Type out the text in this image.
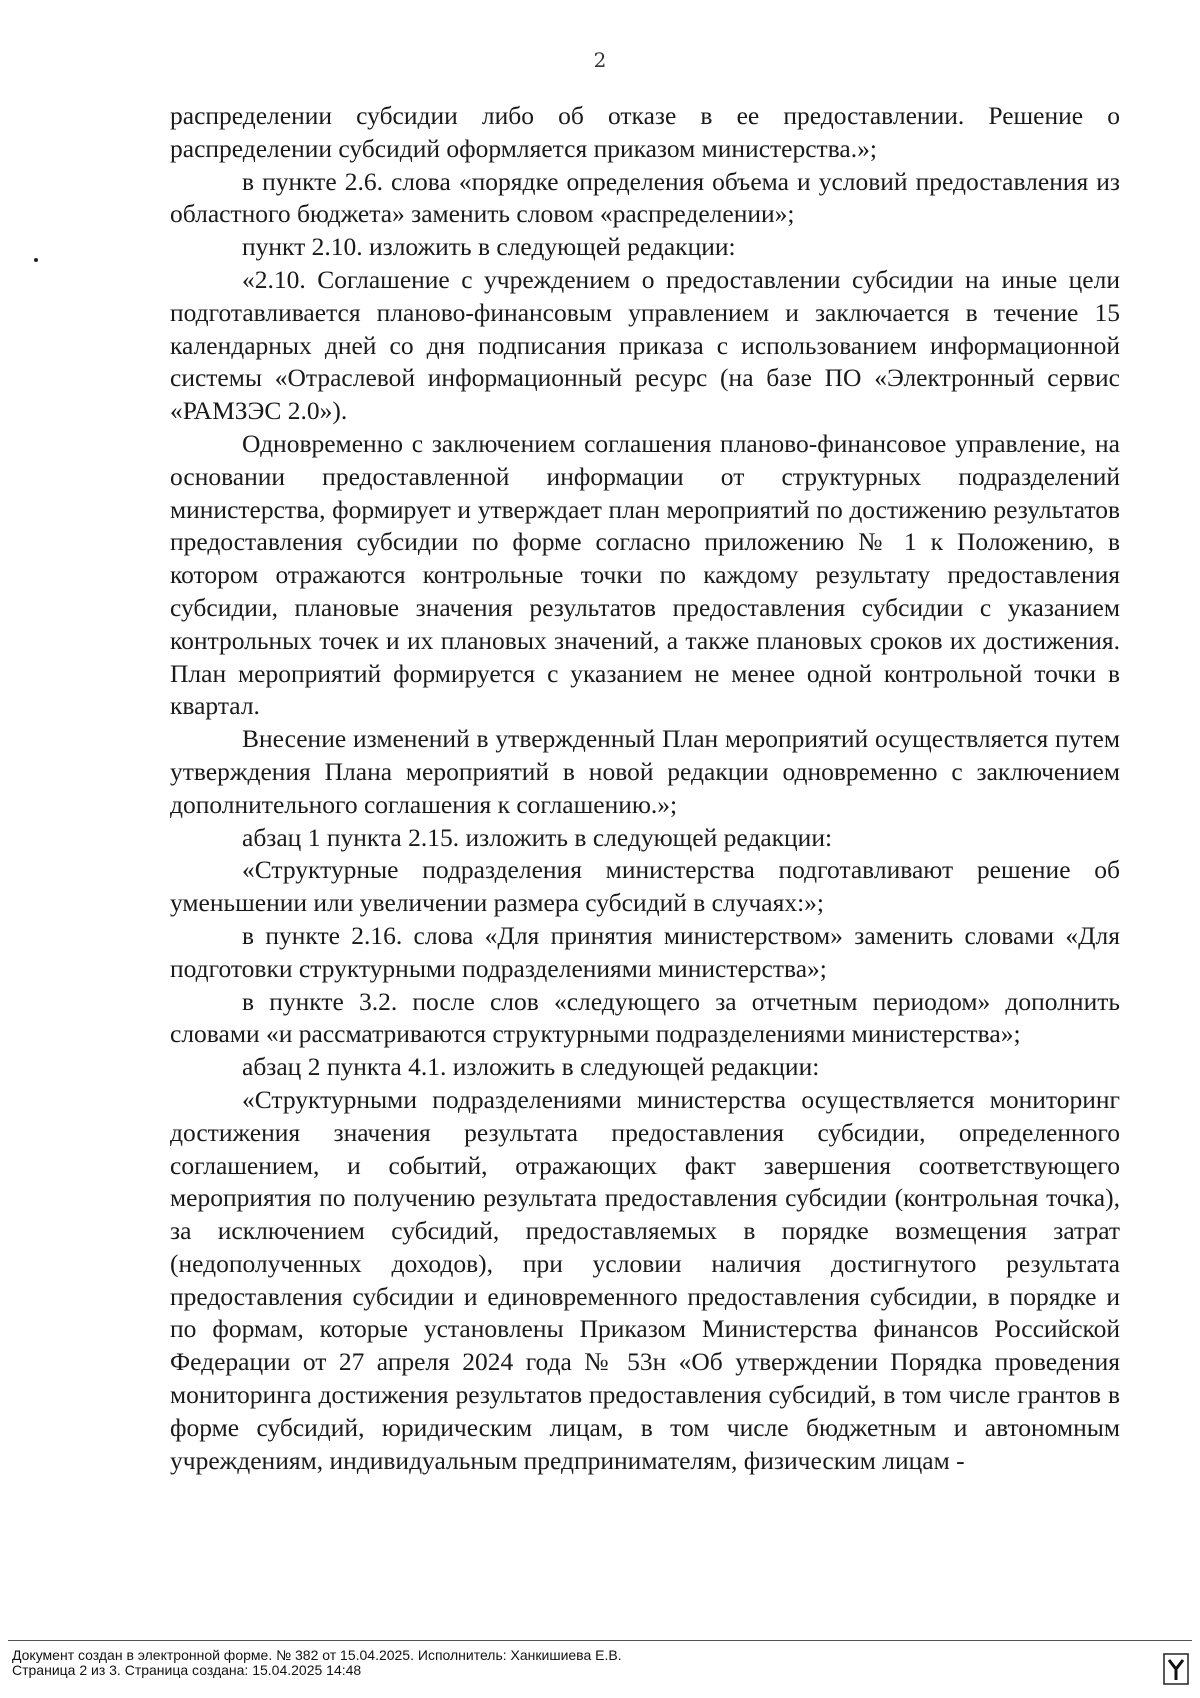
2

распределении субсидии либо об отказе в ее предоставлении. Решение о распределении субсидий оформляется приказом министерства.»;

в пункте 2.6. слова «порядке определения объема и условий предоставления из областного бюджета» заменить словом «распределении»;

пункт 2.10. изложить в следующей редакции:

«2.10. Соглашение с учреждением о предоставлении субсидии на иные цели подготавливается планово-финансовым управлением и заключается в течение 15 календарных дней со дня подписания приказа с использованием информационной системы «Отраслевой информационный ресурс (на базе ПО «Электронный сервис «РАМЗЭС 2.0»).

Одновременно с заключением соглашения планово-финансовое управление, на основании предоставленной информации от структурных подразделений министерства, формирует и утверждает план мероприятий по достижению результатов предоставления субсидии по форме согласно приложению № 1 к Положению, в котором отражаются контрольные точки по каждому результату предоставления субсидии, плановые значения результатов предоставления субсидии с указанием контрольных точек и их плановых значений, а также плановых сроков их достижения. План мероприятий формируется с указанием не менее одной контрольной точки в квартал.

Внесение изменений в утвержденный План мероприятий осуществляется путем утверждения Плана мероприятий в новой редакции одновременно с заключением дополнительного соглашения к соглашению.»;

абзац 1 пункта 2.15. изложить в следующей редакции:

«Структурные подразделения министерства подготавливают решение об уменьшении или увеличении размера субсидий в случаях:»;

в пункте 2.16. слова «Для принятия министерством» заменить словами «Для подготовки структурными подразделениями министерства»;

в пункте 3.2. после слов «следующего за отчетным периодом» дополнить словами «и рассматриваются структурными подразделениями министерства»;

абзац 2 пункта 4.1. изложить в следующей редакции:

«Структурными подразделениями министерства осуществляется мониторинг достижения значения результата предоставления субсидии, определенного соглашением, и событий, отражающих факт завершения соответствующего мероприятия по получению результата предоставления субсидии (контрольная точка), за исключением субсидий, предоставляемых в порядке возмещения затрат (недополученных доходов), при условии наличия достигнутого результата предоставления субсидии и единовременного предоставления субсидии, в порядке и по формам, которые установлены Приказом Министерства финансов Российской Федерации от 27 апреля 2024 года № 53н «Об утверждении Порядка проведения мониторинга достижения результатов предоставления субсидий, в том числе грантов в форме субсидий, юридическим лицам, в том числе бюджетным и автономным учреждениям, индивидуальным предпринимателям, физическим лицам -

Документ создан в электронной форме. № 382 от 15.04.2025. Исполнитель: Ханкишиева Е.В.
Страница 2 из 3. Страница создана: 15.04.2025 14:48
